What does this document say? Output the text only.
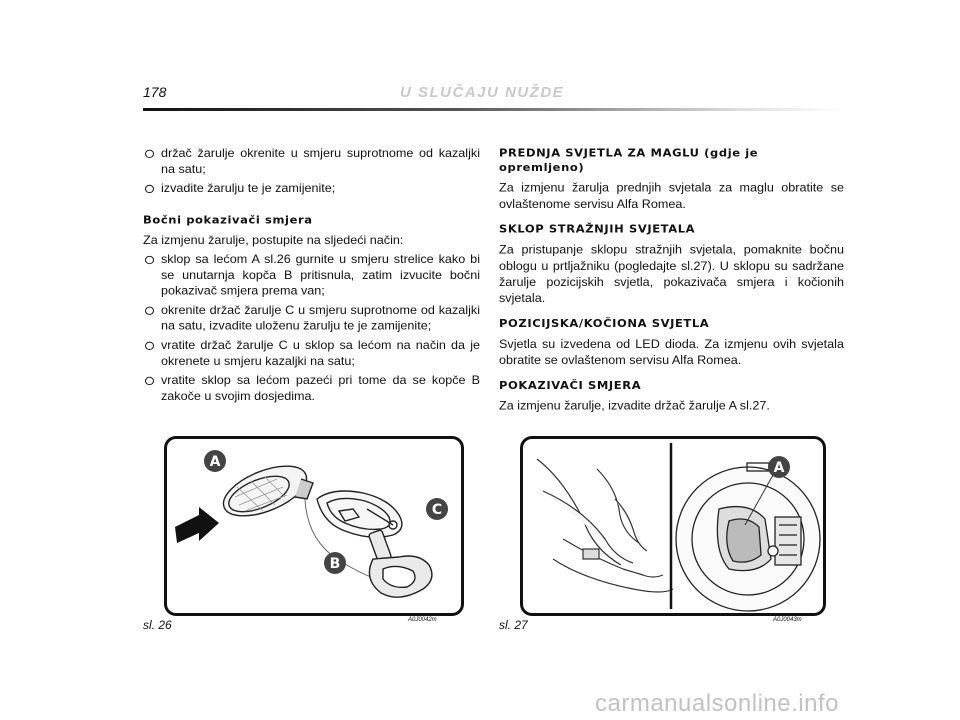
178	U SLUČAJU NUŽDE
držač žarulje okrenite u smjeru suprotnome od kazaljki na satu;
izvadite žarulju te je zamijenite;
Bočni pokazivači smjera

Za izmjenu žarulje, postupite na sljedeći način:

sklop sa lećom A sl.26 gurnite u smjeru strelice kako bi se unutarnja kopča B pritisnula, zatim izvucite bočni pokazivač smjera prema van;
okrenite držač žarulje C u smjeru suprotnome od kazaljki na satu, izvadite uloženu žarulju te je zamijenite;
vratite držač žarulje C u sklop sa lećom na način da je okrenete u smjeru kazaljki na satu;
vratite sklop sa lećom pazeći pri tome da se kopče B zakoče u svojim dosjedima.
PREDNJA SVJETLA ZA MAGLU (gdje je opremljeno)

Za izmjenu žarulja prednjih svjetala za maglu obratite se ovlaštenome servisu Alfa Romea.

SKLOP STRAŽNJIH SVJETALA

Za pristupanje sklopu stražnjih svjetala, pomaknite bočnu oblogu u prtljažniku (pogledajte sl.27). U sklopu su sadržane žarulje pozicijskih svjetla, pokazivača smjera i kočionih svjetala.

POZICIJSKA/KOČIONA SVJETLA

Svjetla su izvedena od LED dioda. Za izmjenu ovih svjetala obratite se ovlaštenom servisu Alfa Romea.

POKAZIVAČI SMJERA

Za izmjenu žarulje, izvadite držač žarulje A sl.27.

A
B
C
sl. 26	A0J0042m
A
sl. 27	A0J0043m
carmanualsonline.info
